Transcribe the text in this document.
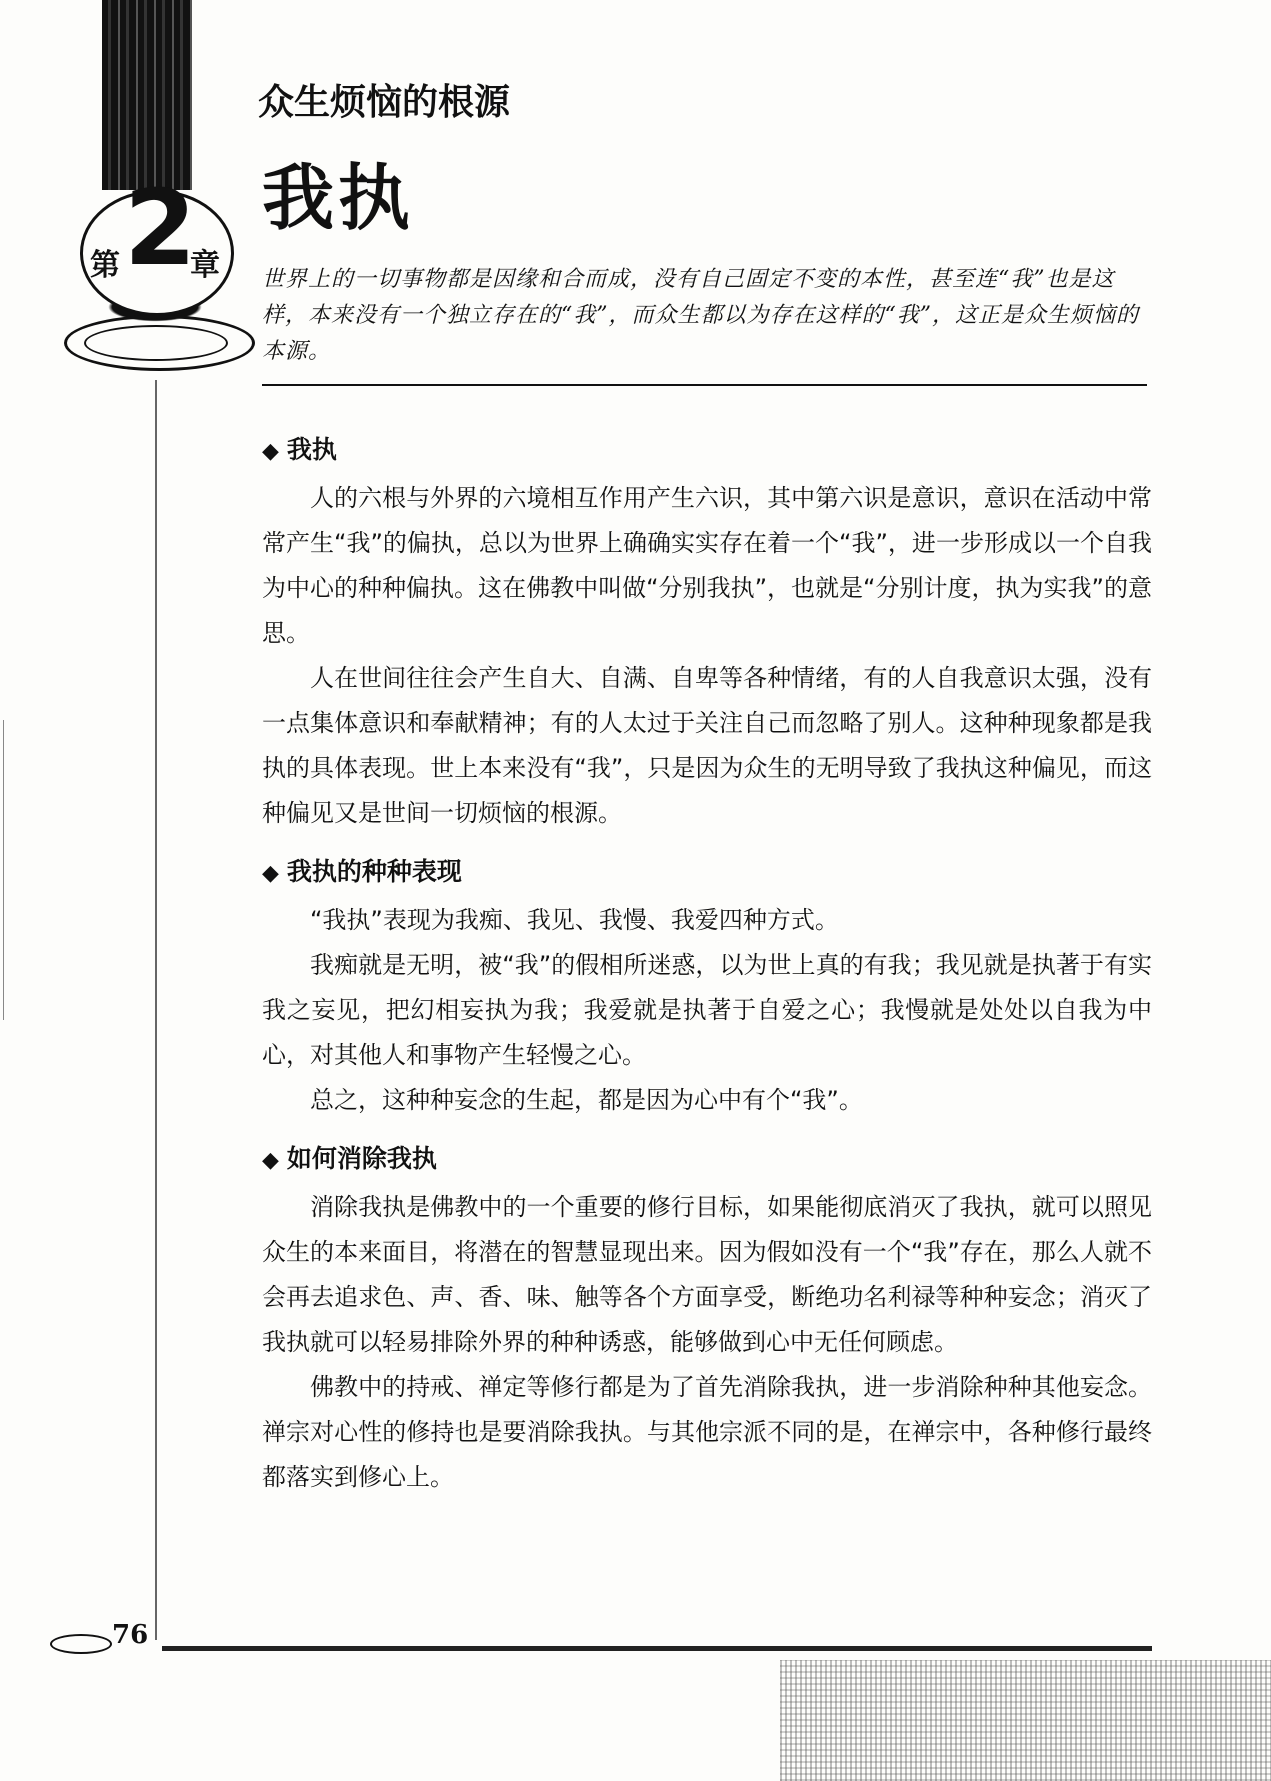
第 2
章
众生烦恼的根源
我执

世界上的一切事物都是因缘和合而成，没有自己固定不变的本性，甚至连“我”也是这样，本来没有一个独立存在的“我”，而众生都以为存在这样的“我”，这正是众生烦恼的本源。

◆ 我执

人的六根与外界的六境相互作用产生六识，其中第六识是意识，意识在活动中常常产生“我”的偏执，总以为世界上确确实实存在着一个“我”，进一步形成以一个自我为中心的种种偏执。这在佛教中叫做“分别我执”，也就是“分别计度，执为实我”的意思。

人在世间往往会产生自大、自满、自卑等各种情绪，有的人自我意识太强，没有一点集体意识和奉献精神；有的人太过于关注自己而忽略了别人。这种种现象都是我执的具体表现。世上本来没有“我”，只是因为众生的无明导致了我执这种偏见，而这种偏见又是世间一切烦恼的根源。

◆ 我执的种种表现

“我执”表现为我痴、我见、我慢、我爱四种方式。

我痴就是无明，被“我”的假相所迷惑，以为世上真的有我；我见就是执著于有实我之妄见，把幻相妄执为我；我爱就是执著于自爱之心；我慢就是处处以自我为中心，对其他人和事物产生轻慢之心。

总之，这种种妄念的生起，都是因为心中有个“我”。

◆ 如何消除我执

消除我执是佛教中的一个重要的修行目标，如果能彻底消灭了我执，就可以照见众生的本来面目，将潜在的智慧显现出来。因为假如没有一个“我”存在，那么人就不会再去追求色、声、香、味、触等各个方面享受，断绝功名利禄等种种妄念；消灭了我执就可以轻易排除外界的种种诱惑，能够做到心中无任何顾虑。

佛教中的持戒、禅定等修行都是为了首先消除我执，进一步消除种种其他妄念。禅宗对心性的修持也是要消除我执。与其他宗派不同的是，在禅宗中，各种修行最终都落实到修心上。

76
